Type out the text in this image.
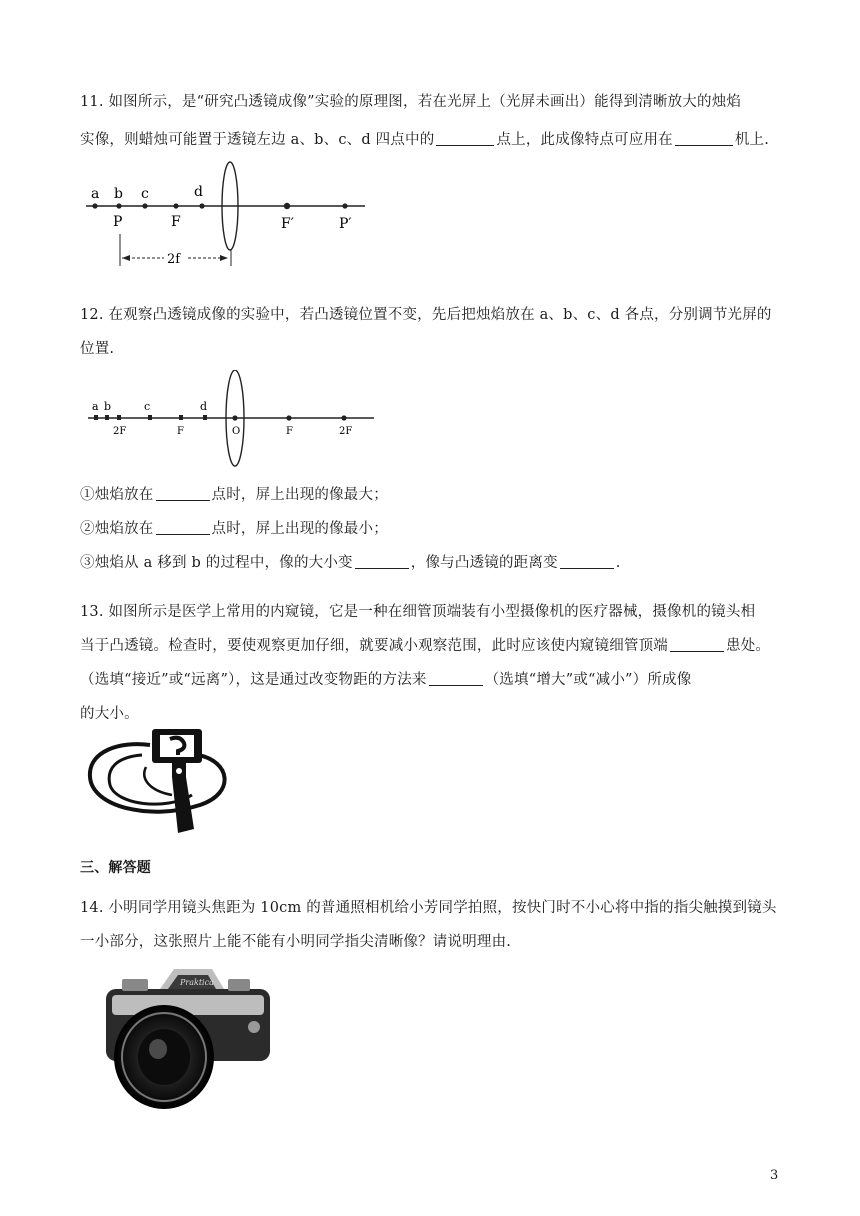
11. 如图所示，是“研究凸透镜成像”实验的原理图，若在光屏上（光屏未画出）能得到清晰放大的烛焰
实像，则蜡烛可能置于透镜左边 a、b、c、d 四点中的	点上，此成像特点可应用在	机上.
a b c	d
P	F	F′	P′
2f
12. 在观察凸透镜成像的实验中，若凸透镜位置不变，先后把烛焰放在 a、b、c、d 各点，分别调节光屏的
位置.
a b	c	d
2F	F	O	F	2F
①烛焰放在	点时，屏上出现的像最大；
②烛焰放在	点时，屏上出现的像最小；
③烛焰从 a 移到 b 的过程中，像的大小变	，像与凸透镜的距离变	.
13. 如图所示是医学上常用的内窥镜，它是一种在细管顶端装有小型摄像机的医疗器械，摄像机的镜头相
当于凸透镜。检查时，要使观察更加仔细，就要减小观察范围，此时应该使内窥镜细管顶端	患处。
（选填“接近”或“远离”），这是通过改变物距的方法来	（选填“增大”或“减小”）所成像
的大小。
三、解答题
14. 小明同学用镜头焦距为 10cm 的普通照相机给小芳同学拍照，按快门时不小心将中指的指尖触摸到镜头
一小部分，这张照片上能不能有小明同学指尖清晰像？请说明理由.
Praktica
3
